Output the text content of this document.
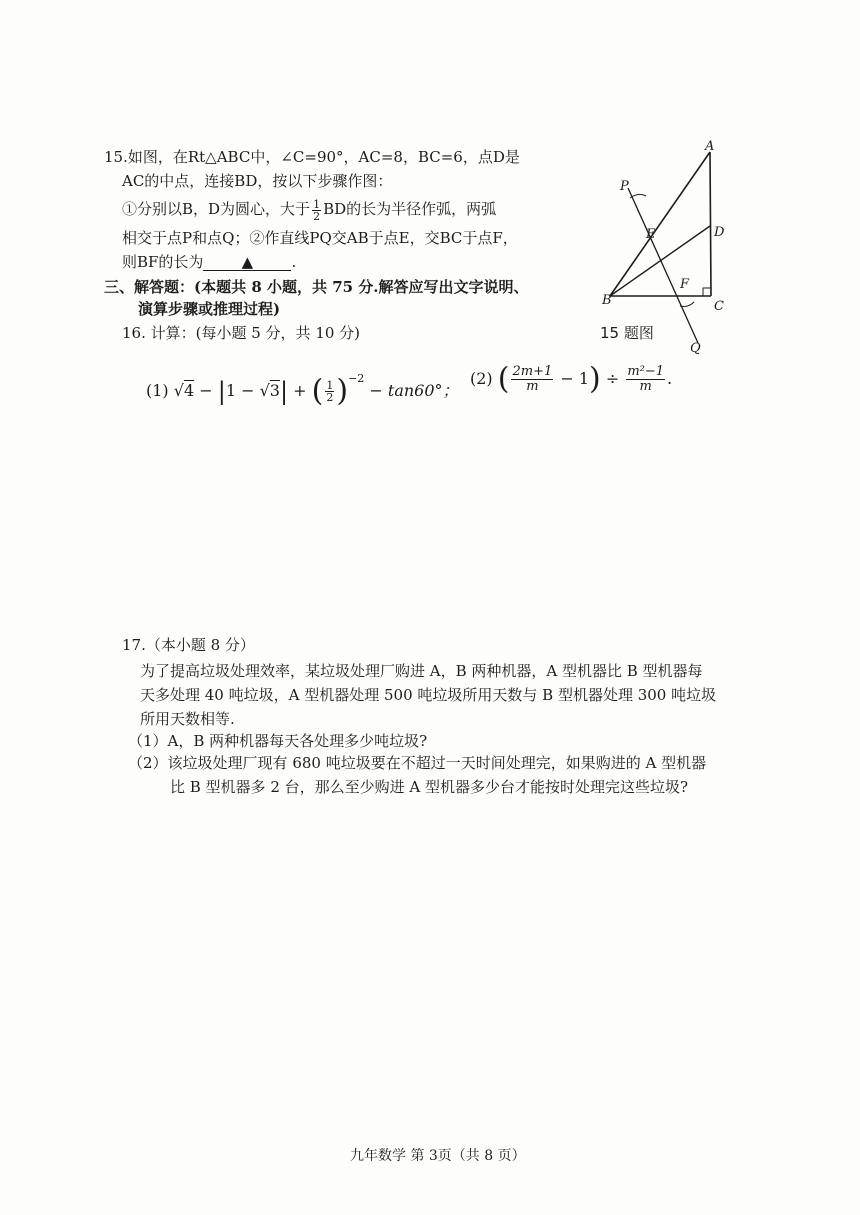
15.如图，在Rt△ABC中，∠C=90°，AC=8，BC=6，点D是
AC的中点，连接BD，按以下步骤作图：
①分别以B，D为圆心，大于 $\frac{1}{2}$ BD的长为半径作弧，两弧
相交于点P和点Q；②作直线PQ交AB于点E，交BC于点F，
则BF的长为	▲	.
P
A
E	D
B
F
C
Q
15 题图
三、解答题：(本题共 8 小题，共 75 分.解答应写出文字说明、
演算步骤或推理过程)
16. 计算：(每小题 5 分，共 10 分)
(1) √4 − |1 − √3| + ( $\frac{1}{2} )^{-2} - \tan 60^\circ$；
(2) ( $\frac{2m+1}{m} - 1) \div \frac{\text{m²−1}}{m}$ .
17.（本小题 8 分）
为了提高垃圾处理效率，某垃圾处理厂购进 A，B 两种机器，A 型机器比 B 型机器每
天多处理 40 吨垃圾，A 型机器处理 500 吨垃圾所用天数与 B 型机器处理 300 吨垃圾
所用天数相等.
（1）A，B 两种机器每天各处理多少吨垃圾?
（2）该垃圾处理厂现有 680 吨垃圾要在不超过一天时间处理完，如果购进的 A 型机器
比 B 型机器多 2 台，那么至少购进 A 型机器多少台才能按时处理完这些垃圾?
九年数学 第 3页（共 8 页）
